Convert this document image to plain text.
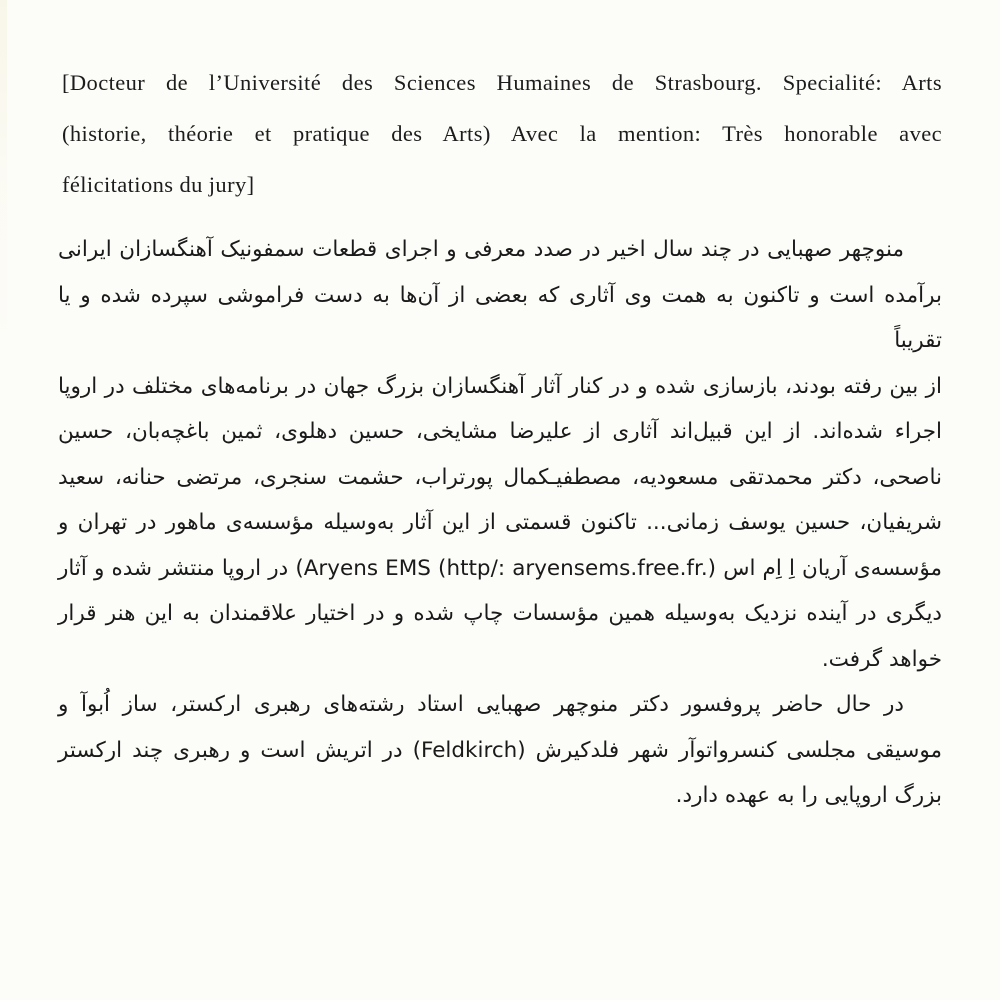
[Docteur de l’Université des Sciences Humaines de Strasbourg. Specialité: Arts
(historie, théorie et pratique des Arts) Avec la mention: Très honorable avec
félicitations du jury]
منوچهر صهبایی در چند سال اخیر در صدد معرفی و اجرای قطعات سمفونیک آهنگسازان ایرانی
برآمده است و تاکنون به همت وی آثاری که بعضی از آن‌ها به دست فراموشی سپرده شده و یا تقریباً
از بین رفته بودند، بازسازی شده و در کنار آثار آهنگسازان بزرگ جهان در برنامه‌های مختلف در اروپا
اجراء شده‌اند. از این قبیل‌اند آثاری از علیرضا مشایخی، حسین دهلوی، ثمین باغچه‌بان، حسین
ناصحی، دکتر محمدتقی مسعودیه، مصطفیـکمال پورتراب، حشمت سنجری، مرتضی حنانه، سعید
شریفیان، حسین یوسف زمانی... تاکنون قسمتی از این آثار به‌وسیله مؤسسه‌ی ماهور در تهران و
مؤسسه‌ی آریان اِ اِم اس ‎(Aryens EMS (http/: aryensems.free.fr.)‎ در اروپا منتشر شده و آثار
دیگری در آینده نزدیک به‌وسیله همین مؤسسات چاپ شده و در اختیار علاقمندان به این هنر قرار
خواهد گرفت.
در حال حاضر پروفسور دکتر منوچهر صهبایی استاد رشته‌های رهبری ارکستر، ساز اُبوآ و
موسیقی مجلسی کنسرواتوآر شهر فلدکیرش (Feldkirch) در اتریش است و رهبری چند ارکستر
بزرگ اروپایی را به عهده دارد.
